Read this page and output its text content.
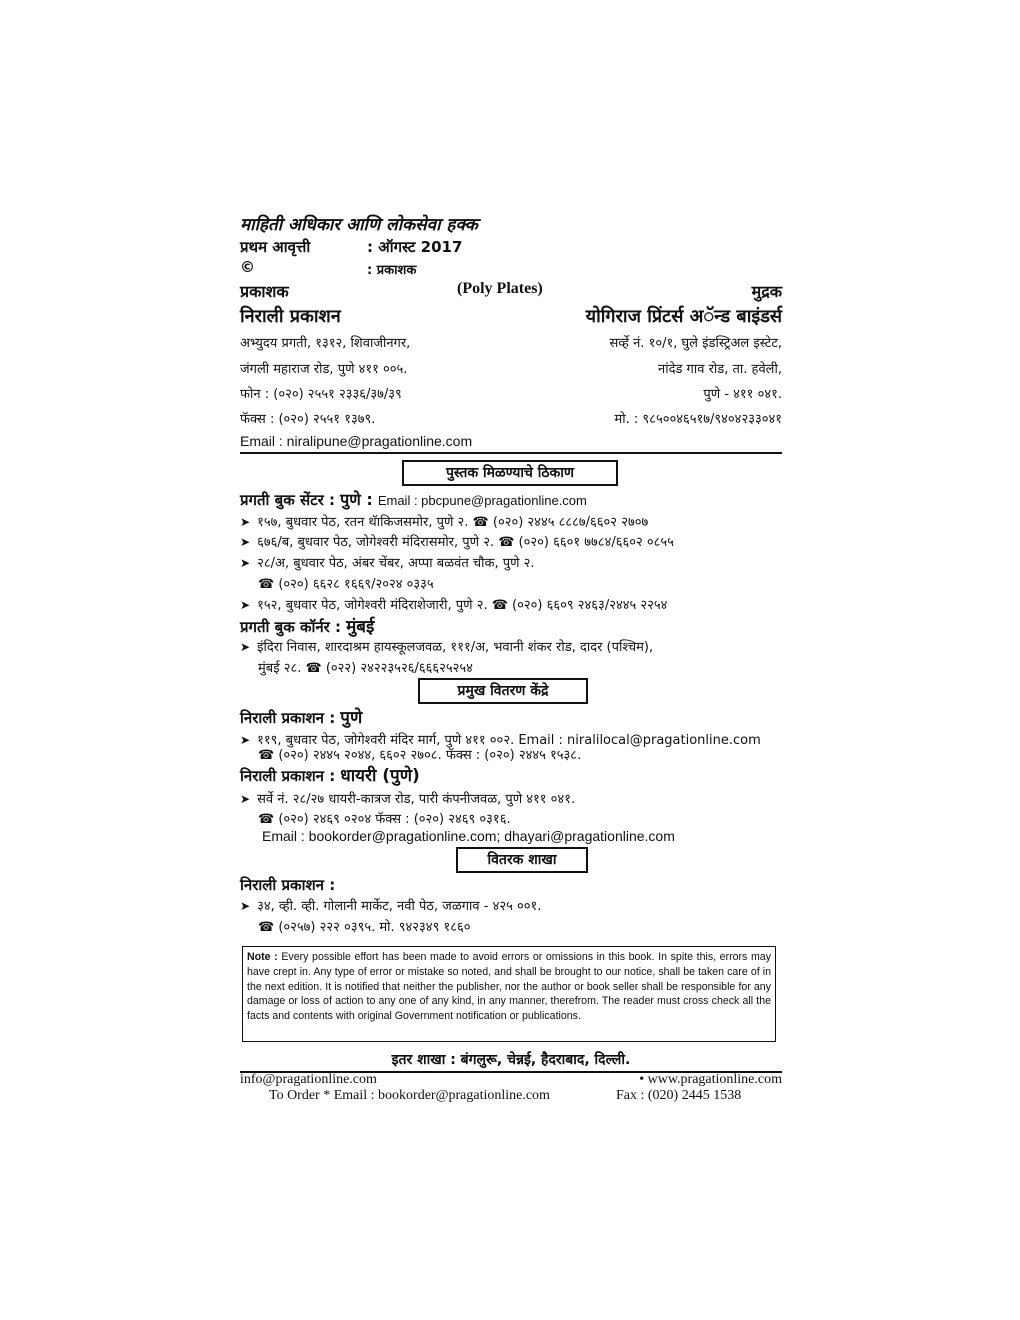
माहिती अधिकार आणि लोकसेवा हक्क
प्रथम आवृत्ती	: ऑगस्ट 2017
©	: प्रकाशक
प्रकाशक	(Poly Plates)	मुद्रक
निराली प्रकाशन	योगिराज प्रिंटर्स अॅन्ड बाइंडर्स
अभ्युदय प्रगती, १३१२, शिवाजीनगर,	सर्व्हे नं. १०/१, घुले इंडस्ट्रिअल इस्टेट,
जंगली महाराज रोड, पुणे ४११ ००५.	नांदेड गाव रोड, ता. हवेली,
फोन : (०२०) २५५१ २३३६/३७/३९	पुणे - ४११ ०४१.
फॅक्स : (०२०) २५५१ १३७९.	मो. : ९८५००४६५१७/९४०४२३३०४१
Email : niralipune@pragationline.com
पुस्तक मिळण्याचे ठिकाण
प्रगती बुक सेंटर : पुणे : Email : pbcpune@pragationline.com
➤ १५७, बुधवार पेठ, रतन थॅाकिजसमोर, पुणे २. ☎ (०२०) २४४५ ८८८७/६६०२ २७०७
➤ ६७६/ब, बुधवार पेठ, जोगेश्वरी मंदिरासमोर, पुणे २. ☎ (०२०) ६६०१ ७७८४/६६०२ ०८५५
➤ २८/अ, बुधवार पेठ, अंबर चेंबर, अप्पा बळवंत चौक, पुणे २.
☎ (०२०) ६६२८ १६६९/२०२४ ०३३५
➤ १५२, बुधवार पेठ, जोगेश्वरी मंदिराशेजारी, पुणे २. ☎ (०२०) ६६०९ २४६३/२४४५ २२५४
प्रगती बुक कॉर्नर : मुंबई
➤ इंदिरा निवास, शारदाश्रम हायस्कूलजवळ, १११/अ, भवानी शंकर रोड, दादर (पश्चिम),
मुंबई २८. ☎ (०२२) २४२२३५२६/६६६२५२५४
प्रमुख वितरण केंद्रे
निराली प्रकाशन : पुणे
➤ ११९, बुधवार पेठ, जोगेश्वरी मंदिर मार्ग, पुणे ४११ ००२. Email : niralilocal@pragationline.com
☎ (०२०) २४४५ २०४४, ६६०२ २७०८. फॅक्स : (०२०) २४४५ १५३८.
निराली प्रकाशन : धायरी (पुणे)
➤ सर्वे नं. २८/२७ धायरी-कात्रज रोड, पारी कंपनीजवळ, पुणे ४११ ०४१.
☎ (०२०) २४६९ ०२०४ फॅक्स : (०२०) २४६९ ०३१६.
Email : bookorder@pragationline.com; dhayari@pragationline.com
वितरक शाखा
निराली प्रकाशन :
➤ ३४, व्ही. व्ही. गोलानी मार्केट, नवी पेठ, जळगाव - ४२५ ००१.
☎ (०२५७) २२२ ०३९५. मो. ९४२३४९ १८६०
Note : Every possible effort has been made to avoid errors or omissions in this book. In spite this, errors may have crept in. Any type of error or mistake so noted, and shall be brought to our notice, shall be taken care of in the next edition. It is notified that neither the publisher, nor the author or book seller shall be responsible for any damage or loss of action to any one of any kind, in any manner, therefrom. The reader must cross check all the facts and contents with original Government notification or publications.
इतर शाखा : बंगलुरू, चेन्नई, हैदराबाद, दिल्ली.
info@pragationline.com	• www.pragationline.com
To Order * Email : bookorder@pragationline.com	Fax : (020) 2445 1538
